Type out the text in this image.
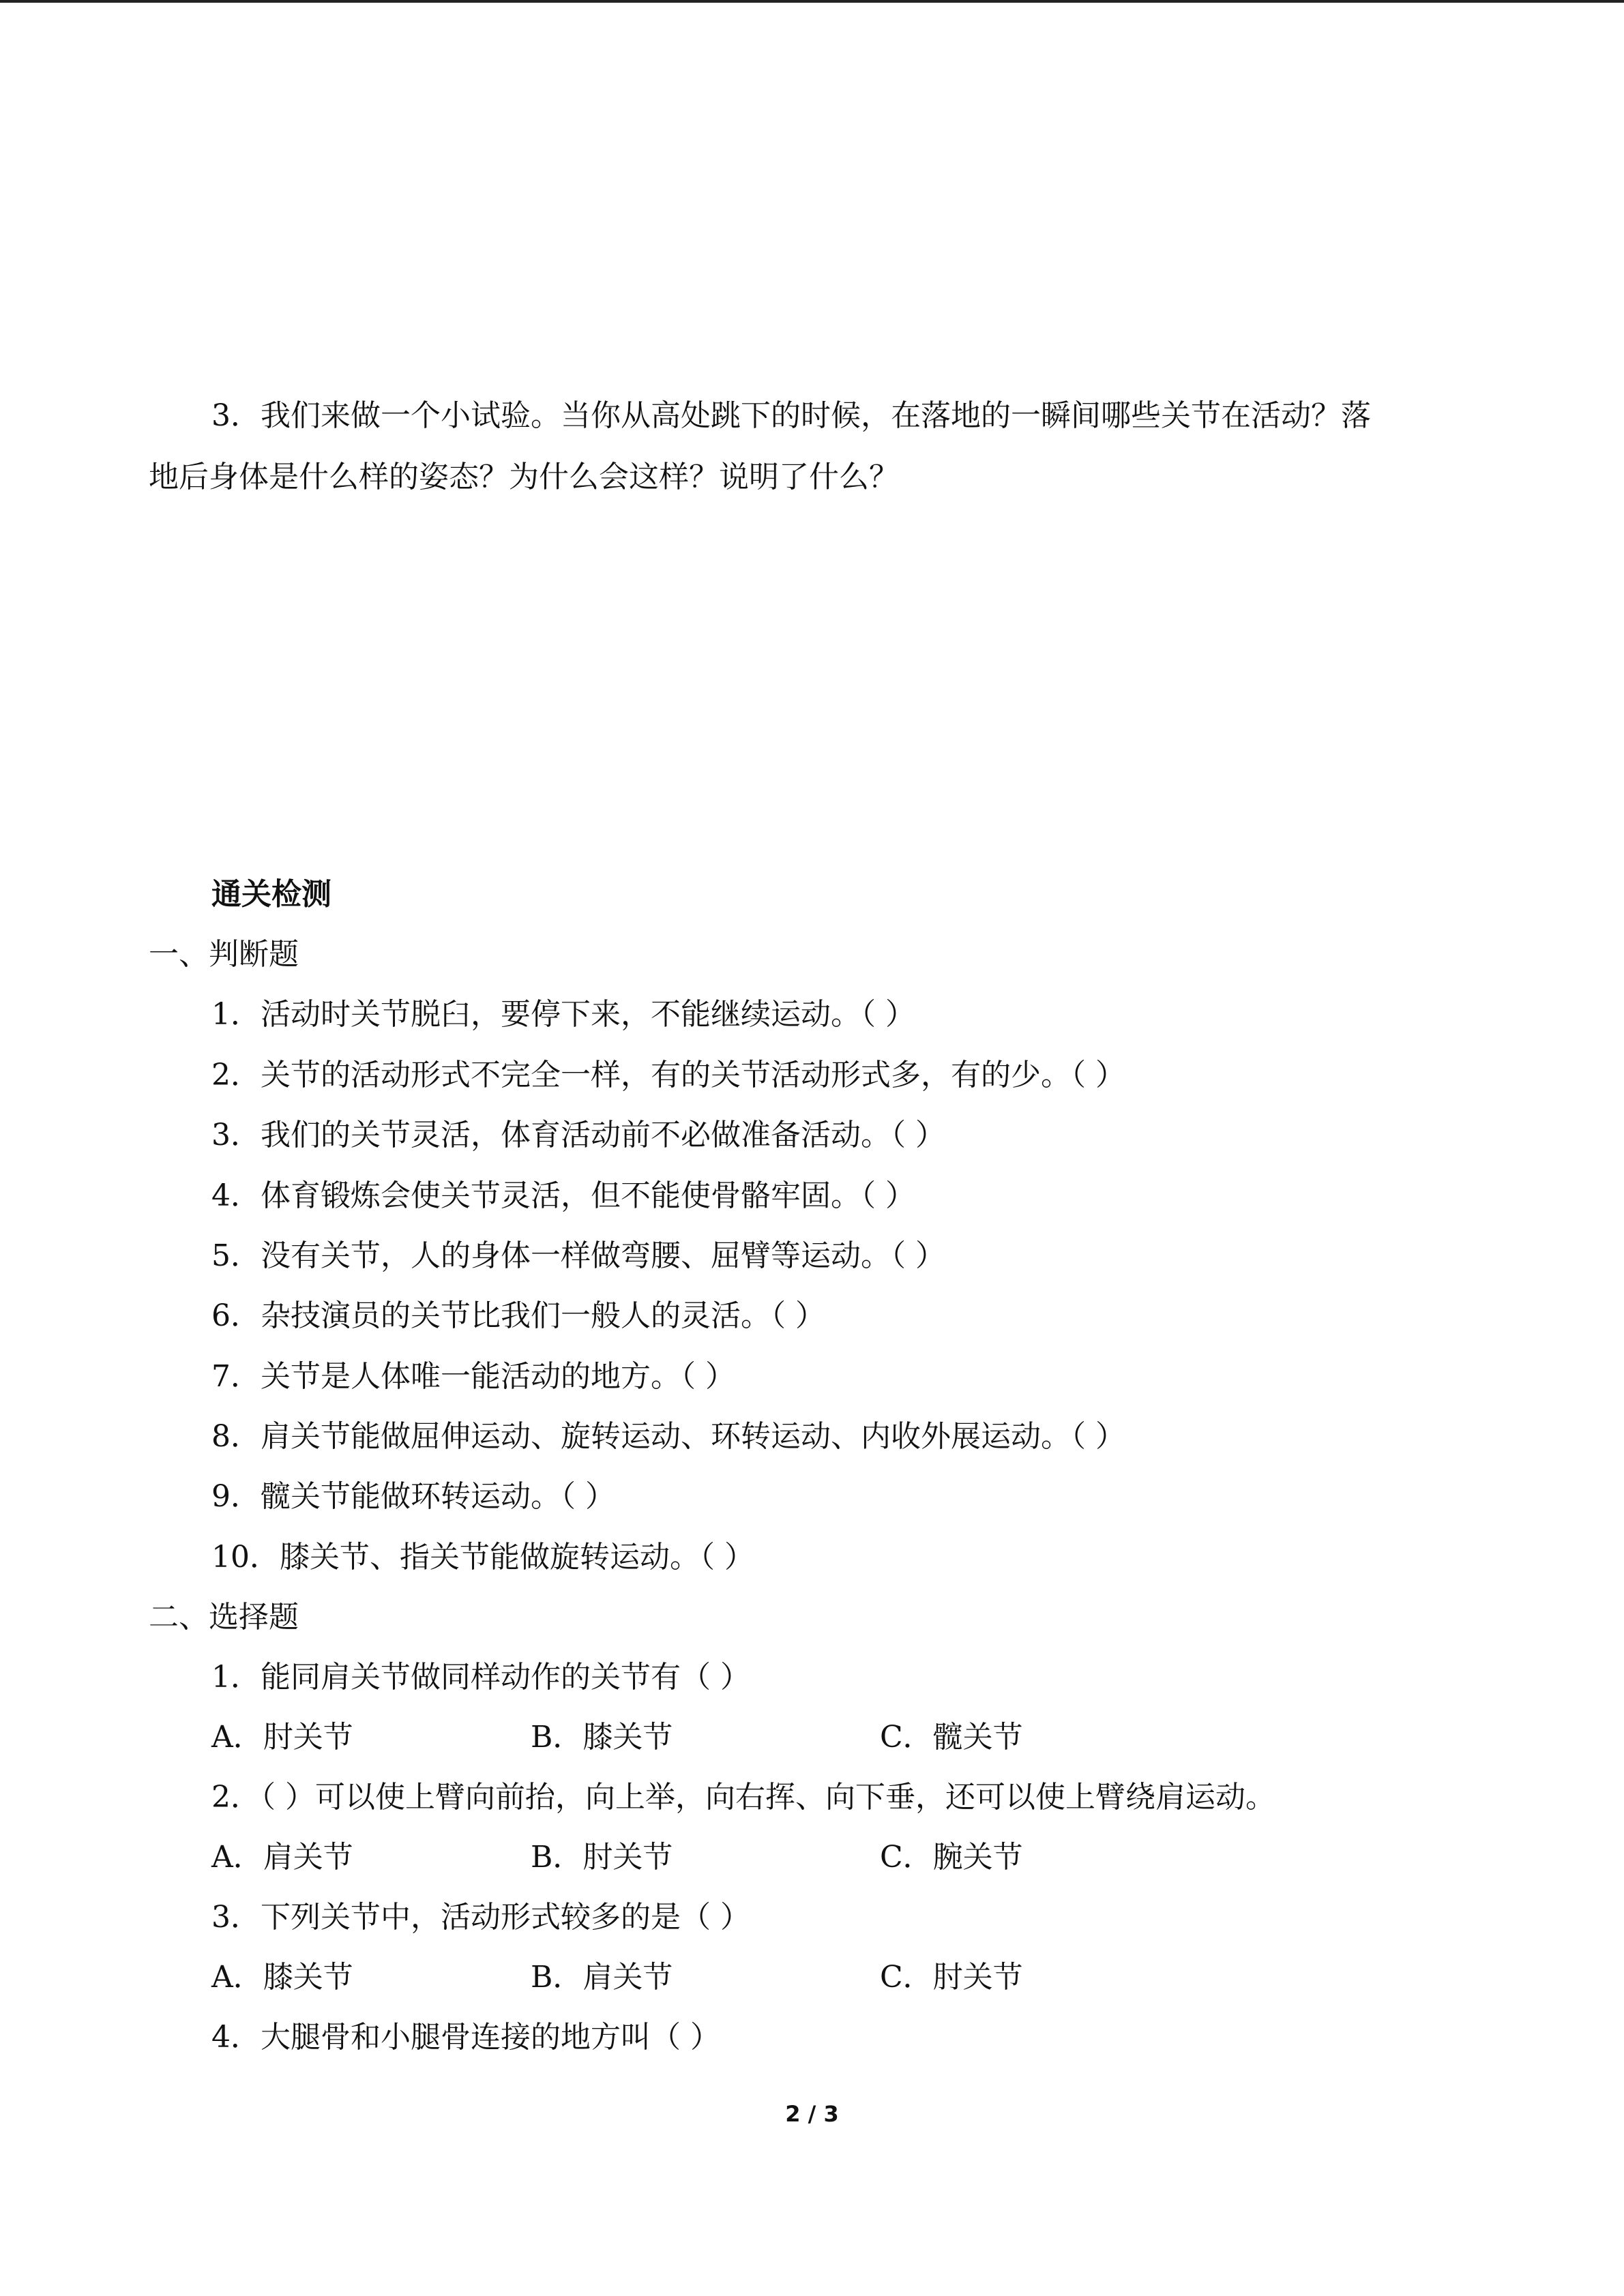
3．我们来做一个小试验。当你从高处跳下的时候，在落地的一瞬间哪些关节在活动？落
地后身体是什么样的姿态？为什么会这样？说明了什么？
通关检测
一、判断题
1．活动时关节脱臼，要停下来，不能继续运动。（ ）
2．关节的活动形式不完全一样，有的关节活动形式多，有的少。（ ）
3．我们的关节灵活，体育活动前不必做准备活动。（ ）
4．体育锻炼会使关节灵活，但不能使骨骼牢固。（ ）
5．没有关节，人的身体一样做弯腰、屈臂等运动。（ ）
6．杂技演员的关节比我们一般人的灵活。（ ）
7．关节是人体唯一能活动的地方。（ ）
8．肩关节能做屈伸运动、旋转运动、环转运动、内收外展运动。（ ）
9．髋关节能做环转运动。（ ）
10．膝关节、指关节能做旋转运动。（ ）
二、选择题
1．能同肩关节做同样动作的关节有（ ）
A．肘关节	B．膝关节	C．髋关节
2．（ ）可以使上臂向前抬，向上举，向右挥、向下垂，还可以使上臂绕肩运动。
A．肩关节	B．肘关节	C．腕关节
3．下列关节中，活动形式较多的是（ ）
A．膝关节	B．肩关节	C．肘关节
4．大腿骨和小腿骨连接的地方叫（ ）
2 / 3
